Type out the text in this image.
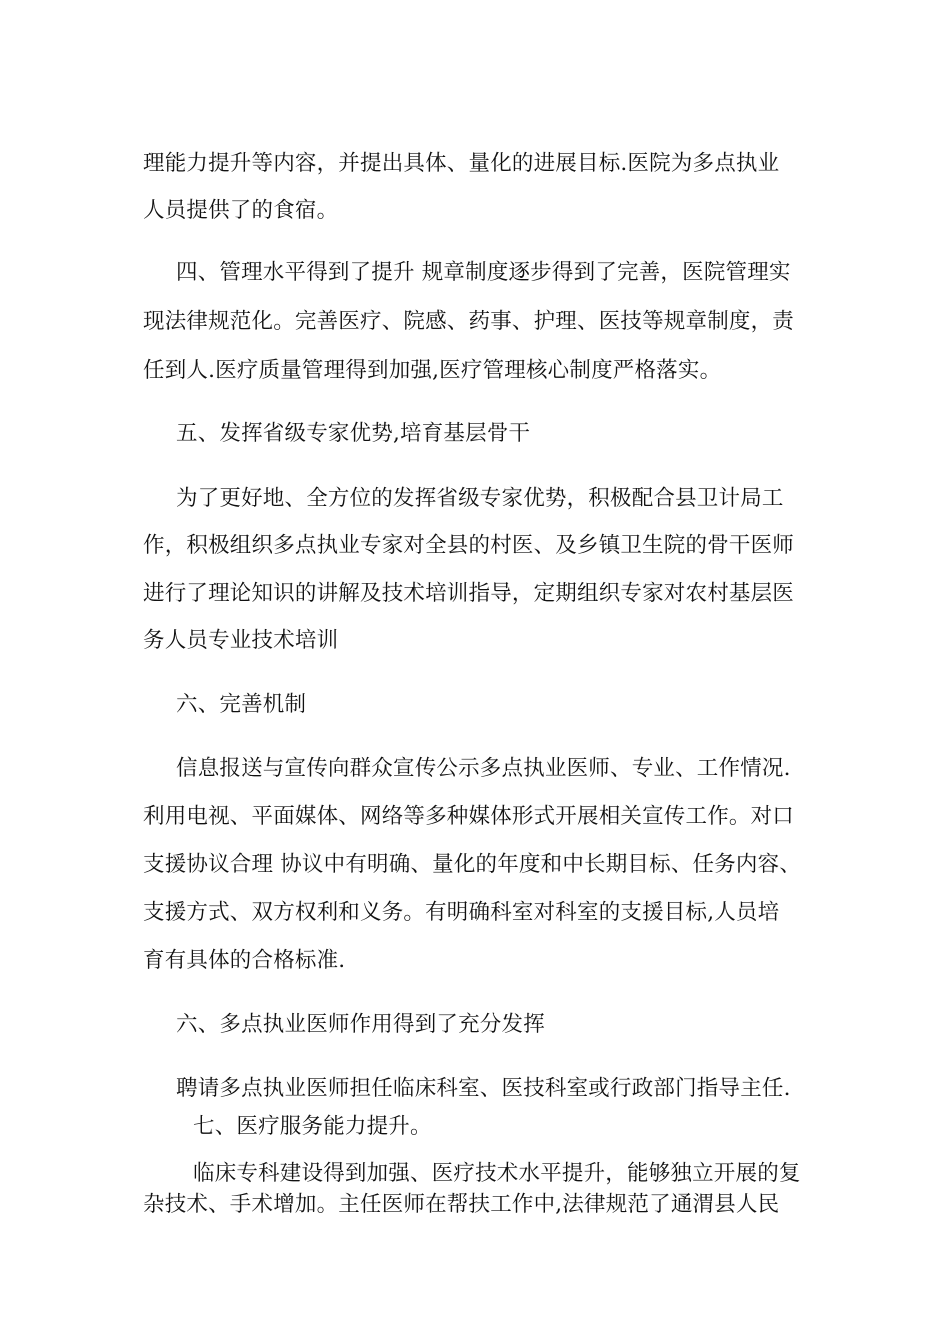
理能力提升等内容，并提出具体、量化的进展目标.医院为多点执业
人员提供了的食宿。
四、管理水平得到了提升 规章制度逐步得到了完善，医院管理实
现法律规范化。完善医疗、院感、药事、护理、医技等规章制度，责
任到人.医疗质量管理得到加强,医疗管理核心制度严格落实。
五、发挥省级专家优势,培育基层骨干
为了更好地、全方位的发挥省级专家优势，积极配合县卫计局工
作，积极组织多点执业专家对全县的村医、及乡镇卫生院的骨干医师
进行了理论知识的讲解及技术培训指导，定期组织专家对农村基层医
务人员专业技术培训
六、完善机制
信息报送与宣传向群众宣传公示多点执业医师、专业、工作情况.
利用电视、平面媒体、网络等多种媒体形式开展相关宣传工作。对口
支援协议合理 协议中有明确、量化的年度和中长期目标、任务内容、
支援方式、双方权利和义务。有明确科室对科室的支援目标,人员培
育有具体的合格标准.
六、多点执业医师作用得到了充分发挥
聘请多点执业医师担任临床科室、医技科室或行政部门指导主任.
七、医疗服务能力提升。
临床专科建设得到加强、医疗技术水平提升，能够独立开展的复
杂技术、手术增加。主任医师在帮扶工作中,法律规范了通渭县人民
